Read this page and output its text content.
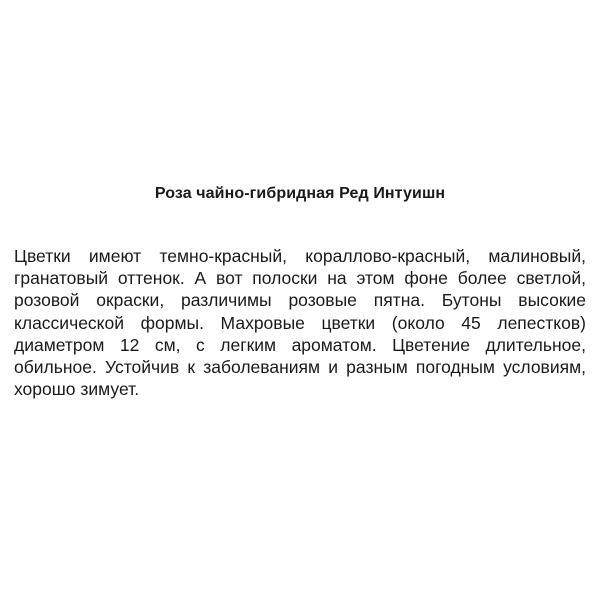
Роза чайно-гибридная Ред Интуишн

Цветки имеют темно-красный, кораллово-красный, малиновый, гранатовый оттенок. А вот полоски на этом фоне более светлой, розовой окраски, различимы розовые пятна. Бутоны высокие классической формы. Махровые цветки (около 45 лепестков) диаметром 12 см, с легким ароматом. Цветение длительное, обильное. Устойчив к заболеваниям и разным погодным условиям, хорошо зимует.
